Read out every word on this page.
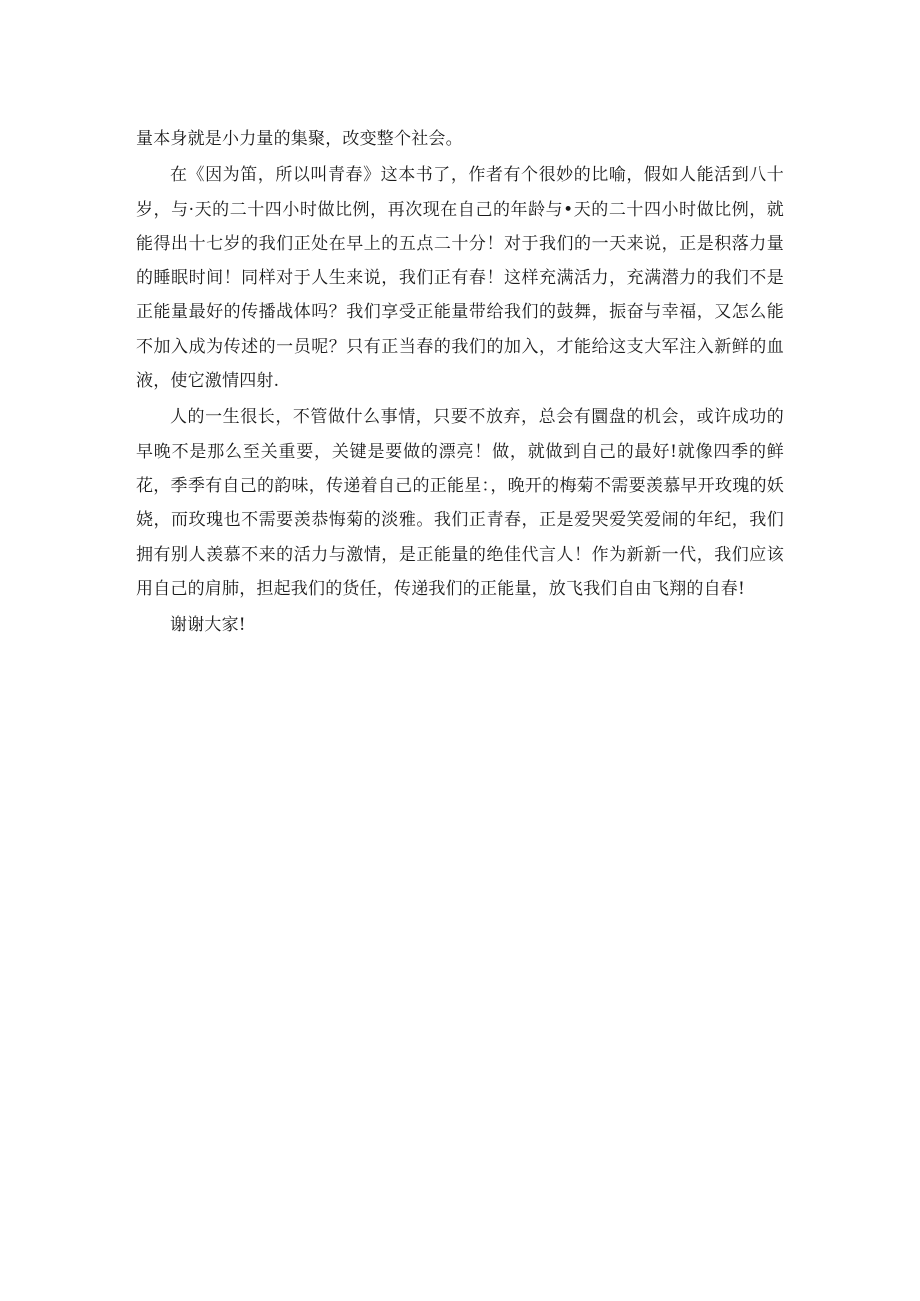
量本身就是小力量的集聚，改变整个社会。

在《因为笛，所以叫青春》这本书了，作者有个很妙的比喻，假如人能活到八十岁，与·天的二十四小时做比例，再次现在自己的年龄与•天的二十四小时做比例，就能得出十七岁的我们正处在早上的五点二十分！对于我们的一天来说，正是积落力量的睡眠时间！同样对于人生来说，我们正有春！这样充满活力，充满潜力的我们不是正能量最好的传播战体吗？我们享受正能量带给我们的鼓舞，振奋与幸福，又怎么能不加入成为传述的一员呢？只有正当春的我们的加入，才能给这支大军注入新鲜的血液，使它激情四射.

人的一生很长，不管做什么事情，只要不放弃，总会有圜盘的机会，或许成功的早晚不是那么至关重要，关键是要做的漂亮！做，就做到自己的最好!就像四季的鲜花，季季有自己的韵味，传递着自己的正能星：，晚开的梅菊不需要羡慕早开玫瑰的妖娆，而玫瑰也不需要羡恭悔菊的淡雅。我们正青春，正是爱哭爱笑爱闹的年纪，我们拥有别人羡慕不来的活力与激情，是正能量的绝佳代言人！作为新新一代，我们应该用自己的肩肺，担起我们的货任，传递我们的正能量，放飞我们自由飞翔的自春!

谢谢大家!
